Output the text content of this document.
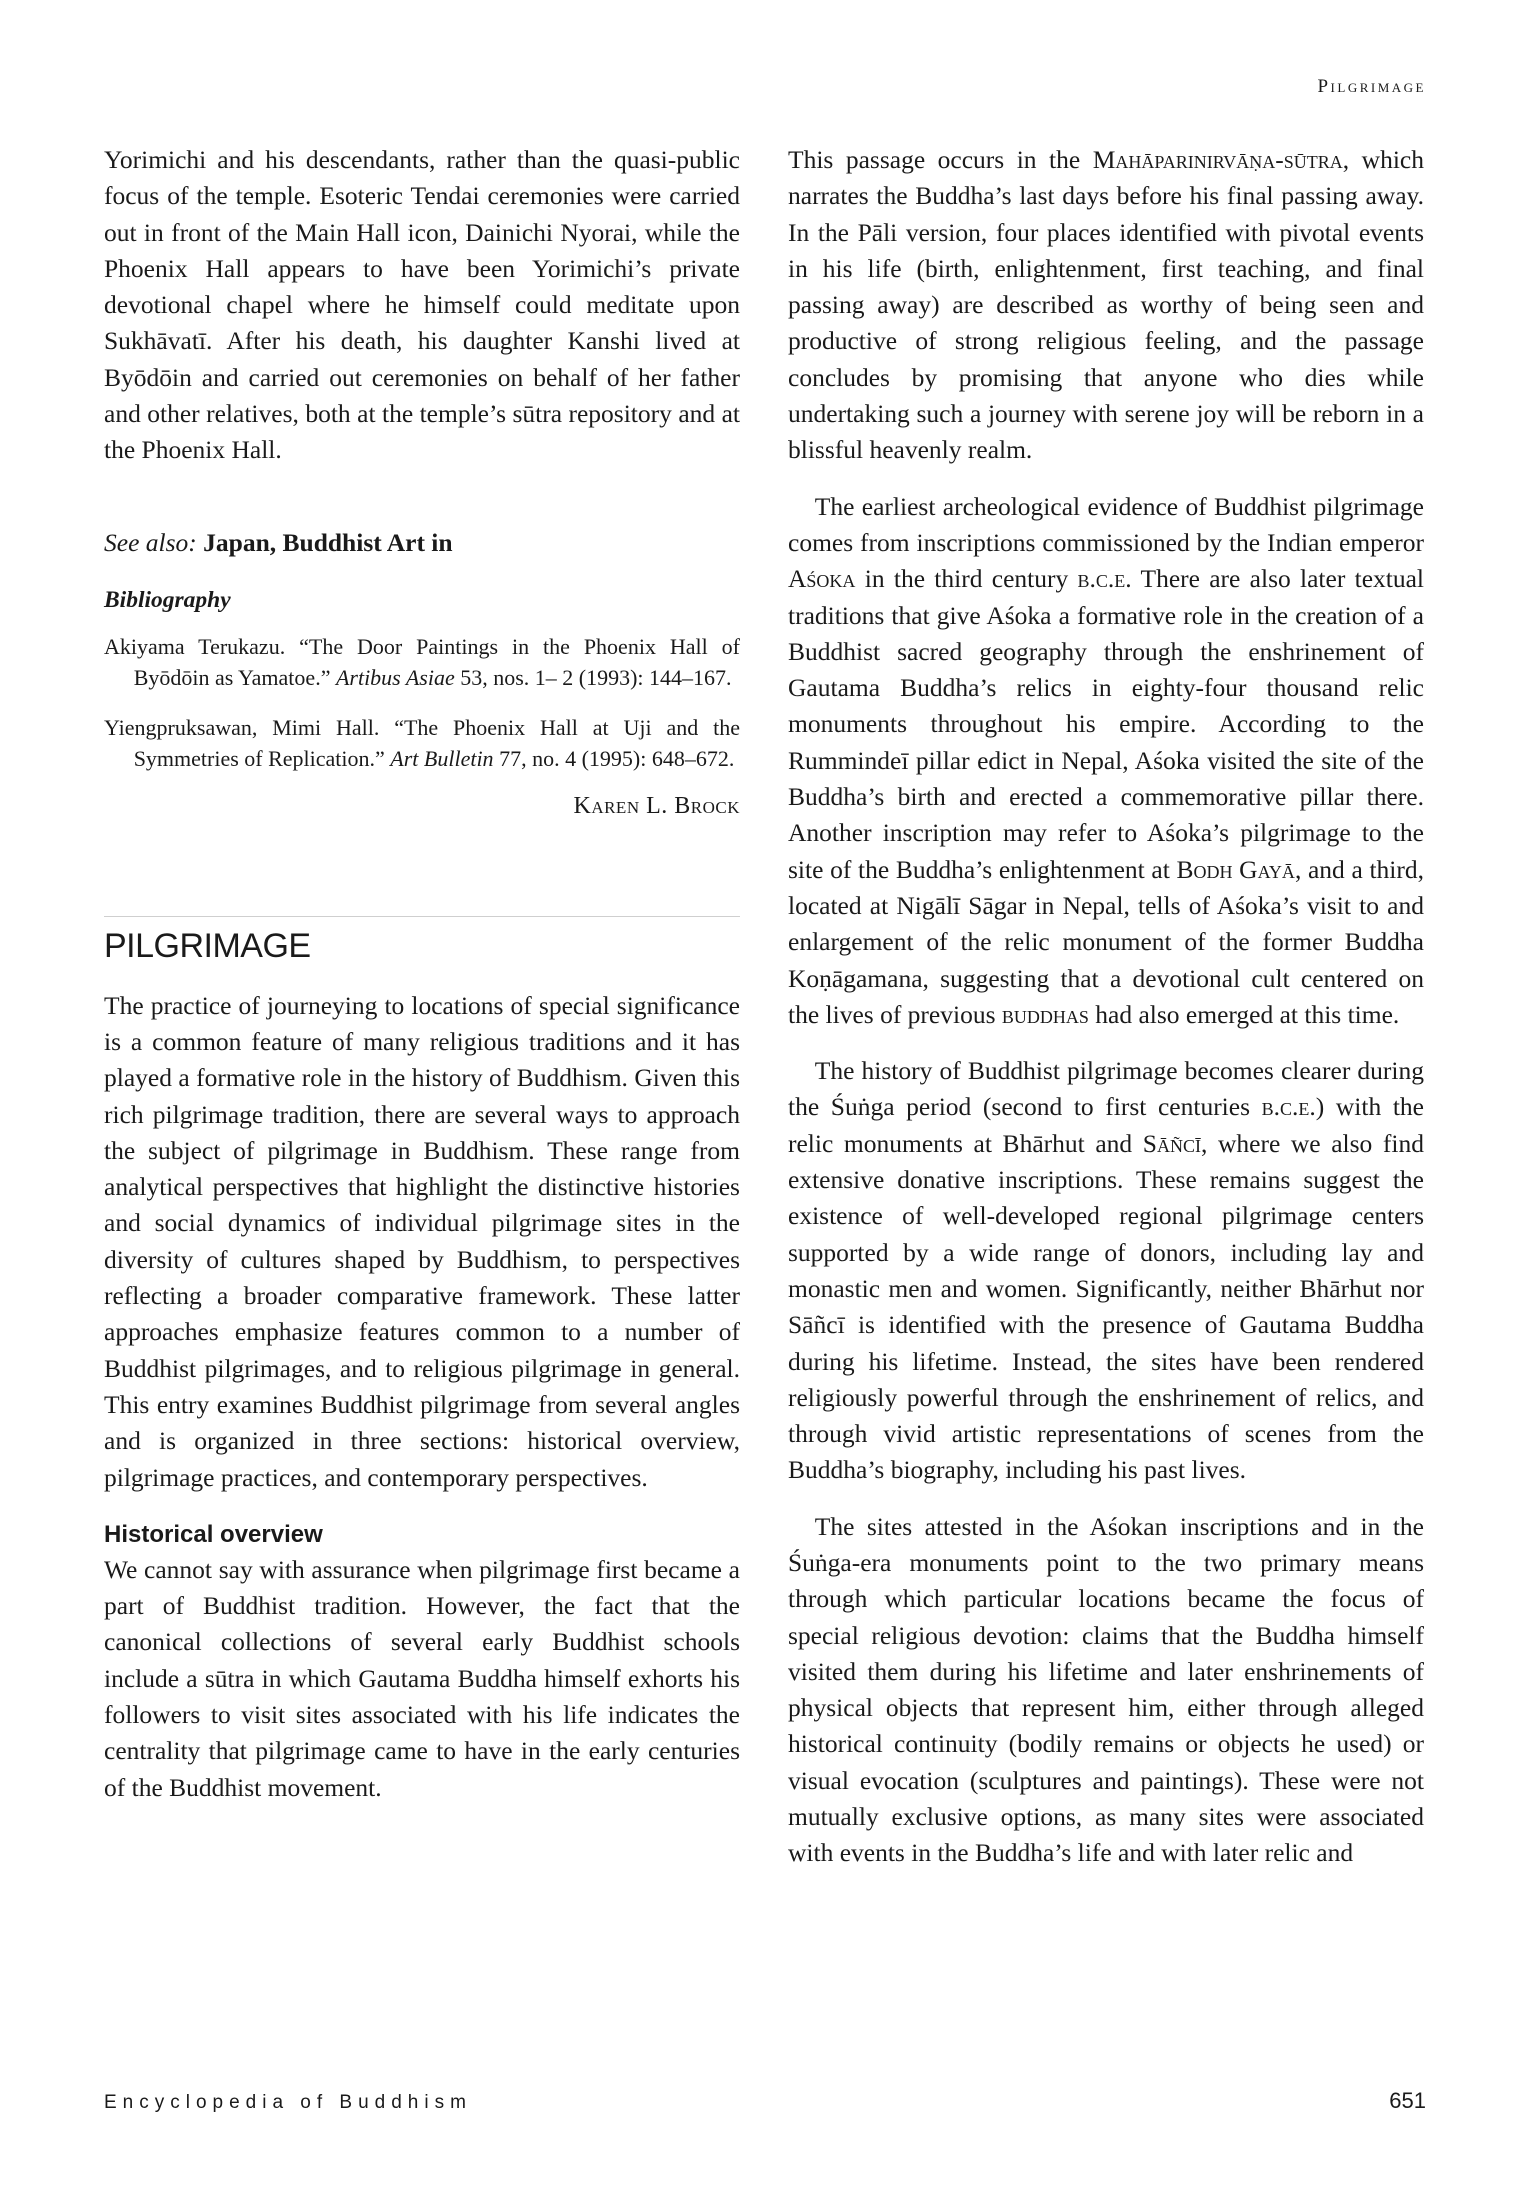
Pilgrimage

Yorimichi and his descendants, rather than the quasi-public focus of the temple. Esoteric Tendai ceremonies were carried out in front of the Main Hall icon, Dainichi Nyorai, while the Phoenix Hall appears to have been Yorimichi’s private devotional chapel where he himself could meditate upon Sukhāvatī. After his death, his daughter Kanshi lived at Byōdōin and carried out ceremonies on behalf of her father and other relatives, both at the temple’s sūtra repository and at the Phoenix Hall.

See also: Japan, Buddhist Art in
Bibliography
Akiyama Terukazu. “The Door Paintings in the Phoenix Hall of Byōdōin as Yamatoe.” Artibus Asiae 53, nos. 1– 2 (1993): 144–167.
Yiengpruksawan, Mimi Hall. “The Phoenix Hall at Uji and the Symmetries of Replication.” Art Bulletin 77, no. 4 (1995): 648–672.
Karen L. Brock
PILGRIMAGE

The practice of journeying to locations of special significance is a common feature of many religious traditions and it has played a formative role in the history of Buddhism. Given this rich pilgrimage tradition, there are several ways to approach the subject of pilgrimage in Buddhism. These range from analytical perspectives that highlight the distinctive histories and social dynamics of individual pilgrimage sites in the diversity of cultures shaped by Buddhism, to perspectives reflecting a broader comparative framework. These latter approaches emphasize features common to a number of Buddhist pilgrimages, and to religious pilgrimage in general. This entry examines Buddhist pilgrimage from several angles and is organized in three sections: historical overview, pilgrimage practices, and contemporary perspectives.

Historical overview

We cannot say with assurance when pilgrimage first became a part of Buddhist tradition. However, the fact that the canonical collections of several early Buddhist schools include a sūtra in which Gautama Buddha himself exhorts his followers to visit sites associated with his life indicates the centrality that pilgrimage came to have in the early centuries of the Buddhist movement.

This passage occurs in the Mahāparinirvāṇa-sūtra, which narrates the Buddha’s last days before his final passing away. In the Pāli version, four places identified with pivotal events in his life (birth, enlightenment, first teaching, and final passing away) are described as worthy of being seen and productive of strong religious feeling, and the passage concludes by promising that anyone who dies while undertaking such a journey with serene joy will be reborn in a blissful heavenly realm.

The earliest archeological evidence of Buddhist pilgrimage comes from inscriptions commissioned by the Indian emperor Aśoka in the third century b.c.e. There are also later textual traditions that give Aśoka a formative role in the creation of a Buddhist sacred geography through the enshrinement of Gautama Buddha’s relics in eighty-four thousand relic monuments throughout his empire. According to the Rummindeī pillar edict in Nepal, Aśoka visited the site of the Buddha’s birth and erected a commemorative pillar there. Another inscription may refer to Aśoka’s pilgrimage to the site of the Buddha’s enlightenment at Bodh Gayā, and a third, located at Nigālī Sāgar in Nepal, tells of Aśoka’s visit to and enlargement of the relic monument of the former Buddha Koṇāgamana, suggesting that a devotional cult centered on the lives of previous buddhas had also emerged at this time.

The history of Buddhist pilgrimage becomes clearer during the Śuṅga period (second to first centuries b.c.e.) with the relic monuments at Bhārhut and Sāñcī, where we also find extensive donative inscriptions. These remains suggest the existence of well-developed regional pilgrimage centers supported by a wide range of donors, including lay and monastic men and women. Significantly, neither Bhārhut nor Sāñcī is identified with the presence of Gautama Buddha during his lifetime. Instead, the sites have been rendered religiously powerful through the enshrinement of relics, and through vivid artistic representations of scenes from the Buddha’s biography, including his past lives.

The sites attested in the Aśokan inscriptions and in the Śuṅga-era monuments point to the two primary means through which particular locations became the focus of special religious devotion: claims that the Buddha himself visited them during his lifetime and later enshrinements of physical objects that represent him, either through alleged historical continuity (bodily remains or objects he used) or visual evocation (sculptures and paintings). These were not mutually exclusive options, as many sites were associated with events in the Buddha’s life and with later relic and

Encyclopedia of Buddhism	651
